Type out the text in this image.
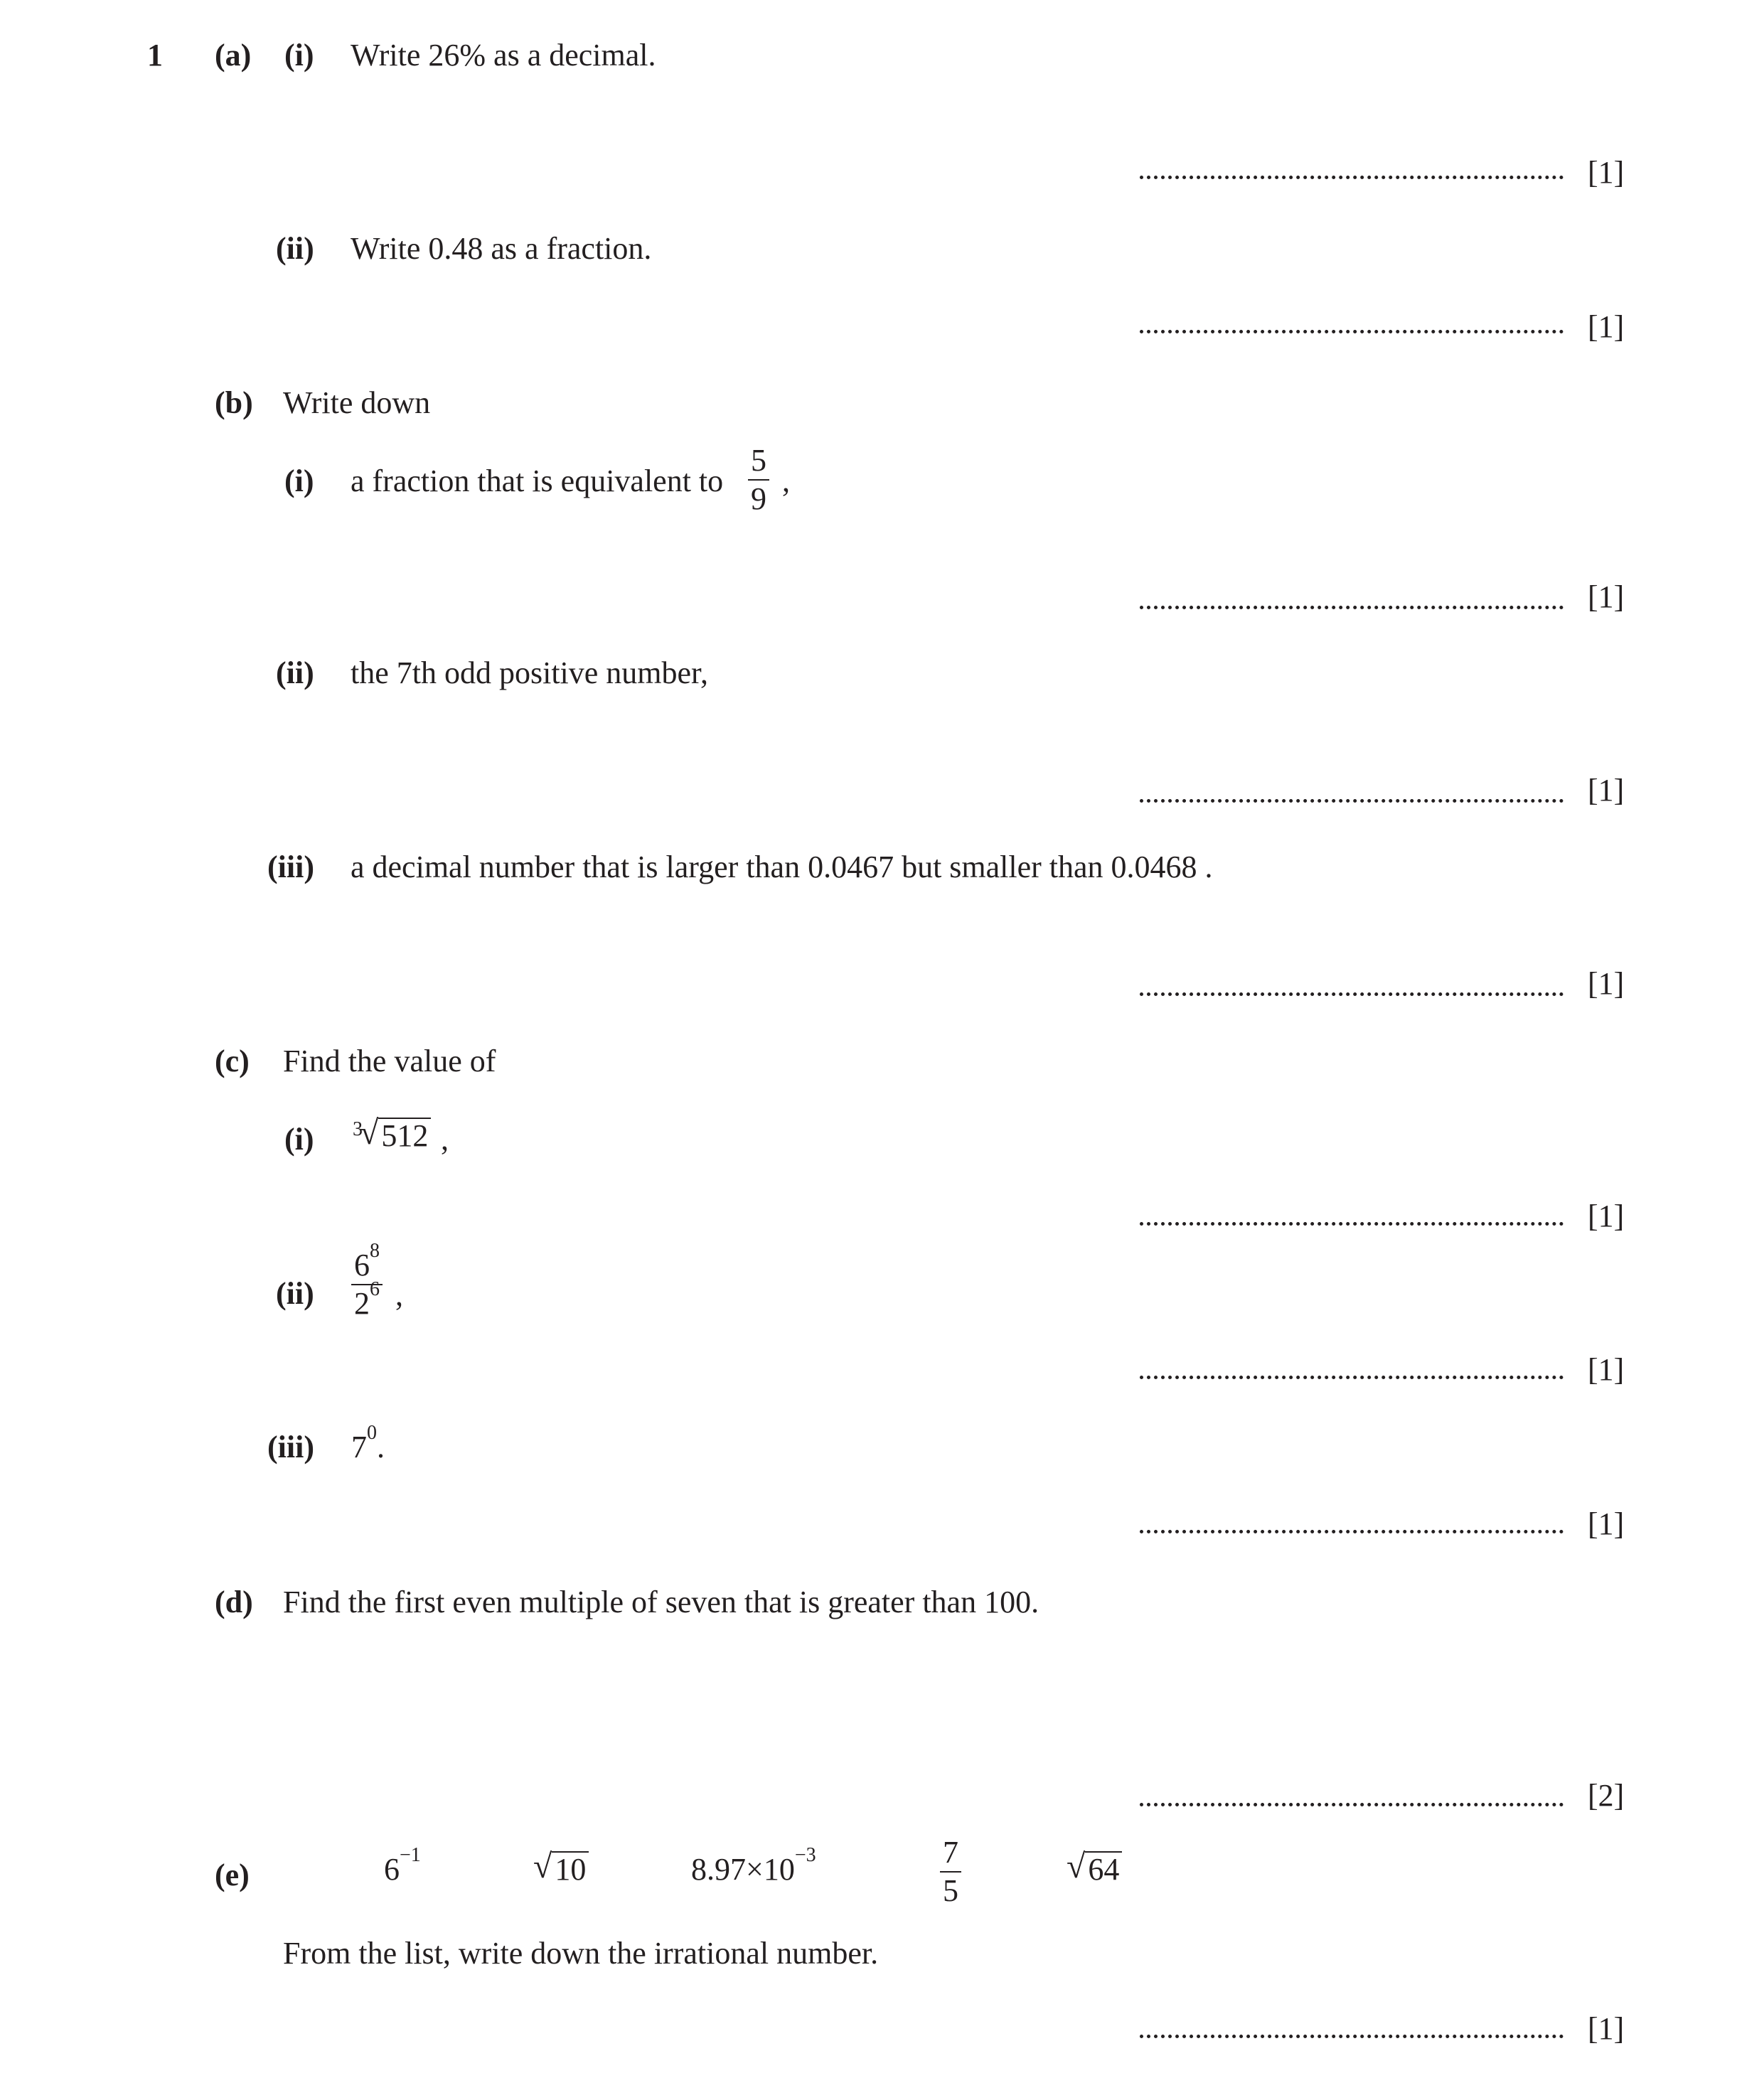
1 (a) (i) Write 26% as a decimal.
[1]
(ii) Write 0.48 as a fraction.
[1]
(b) Write down
(i) a fraction that is equivalent to $\frac{5}{9}$ ,
[1]
(ii) the 7th odd positive number,
[1]
(iii) a decimal number that is larger than 0.0467 but smaller than 0.0468 .
[1]
(c) Find the value of
(i) $^3$
√ 512 ,
[1]
$(ii) \frac{6^8}{2^6}$ ,
[1]
(iii) $7^0$.
[1]
(d) Find the first even multiple of seven that is greater than 100.
[2]
(e)	$6^{-1}$	√ 10	$8.97\times 10^{-3}$	$\frac{7}{5}$	√ 64
From the list, write down the irrational number.
[1]
